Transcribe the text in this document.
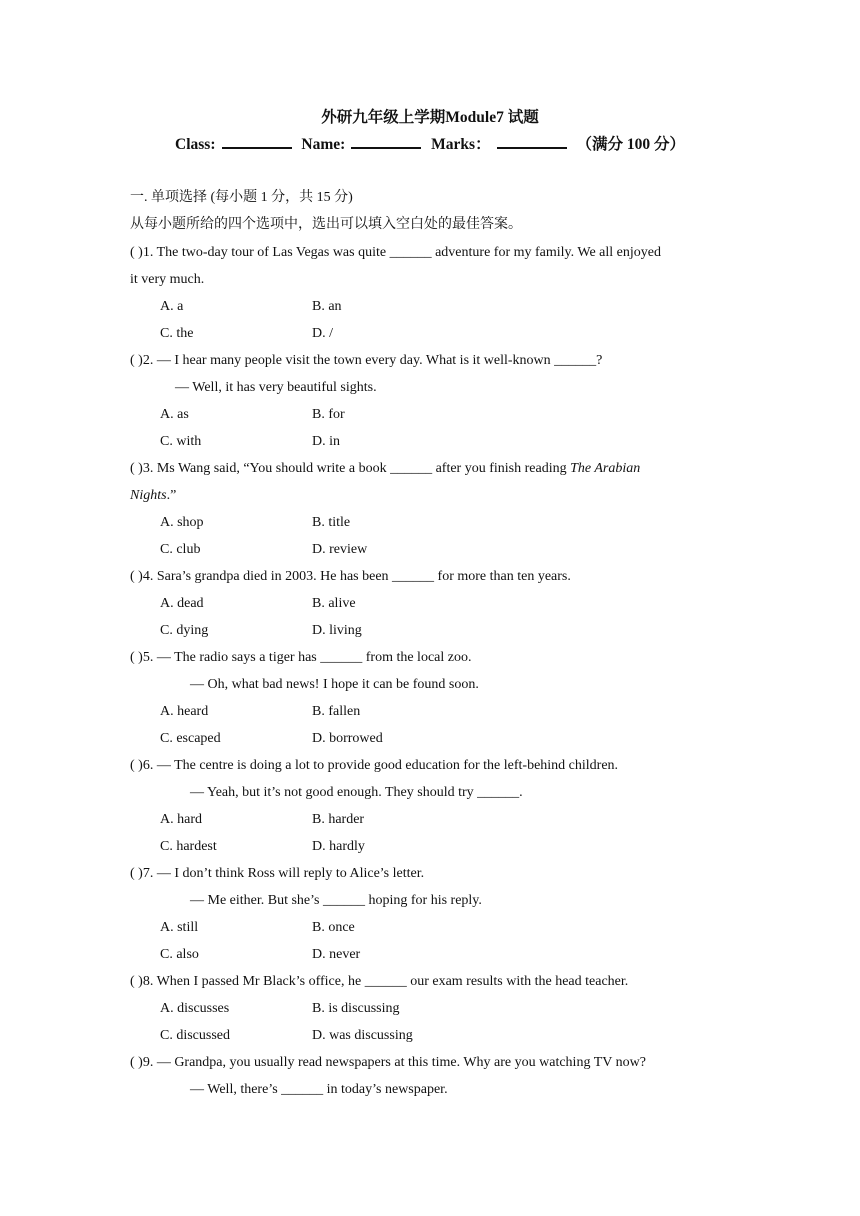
外研九年级上学期Module7 试题
Class:	Name:	Marks：	（满分 100 分）
一. 单项选择 (每小题 1 分，共 15 分)
从每小题所给的四个选项中，选出可以填入空白处的最佳答案。
( )1. The two-day tour of Las Vegas was quite ______ adventure for my family. We all enjoyed
it very much.
A. a	B. an
C. the	D. /
( )2. — I hear many people visit the town every day. What is it well-known ______?
— Well, it has very beautiful sights.
A. as	B. for
C. with	D. in
( )3. Ms Wang said, “You should write a book ______ after you finish reading The Arabian
Nights.”
A. shop	B. title
C. club	D. review
( )4. Sara’s grandpa died in 2003. He has been ______ for more than ten years.
A. dead	B. alive
C. dying	D. living
( )5. — The radio says a tiger has ______ from the local zoo.
— Oh, what bad news! I hope it can be found soon.
A. heard	B. fallen
C. escaped	D. borrowed
( )6. — The centre is doing a lot to provide good education for the left-behind children.
— Yeah, but it’s not good enough. They should try ______.
A. hard	B. harder
C. hardest	D. hardly
( )7. — I don’t think Ross will reply to Alice’s letter.
— Me either. But she’s ______ hoping for his reply.
A. still	B. once
C. also	D. never
( )8. When I passed Mr Black’s office, he ______ our exam results with the head teacher.
A. discusses	B. is discussing
C. discussed	D. was discussing
( )9. — Grandpa, you usually read newspapers at this time. Why are you watching TV now?
— Well, there’s ______ in today’s newspaper.
